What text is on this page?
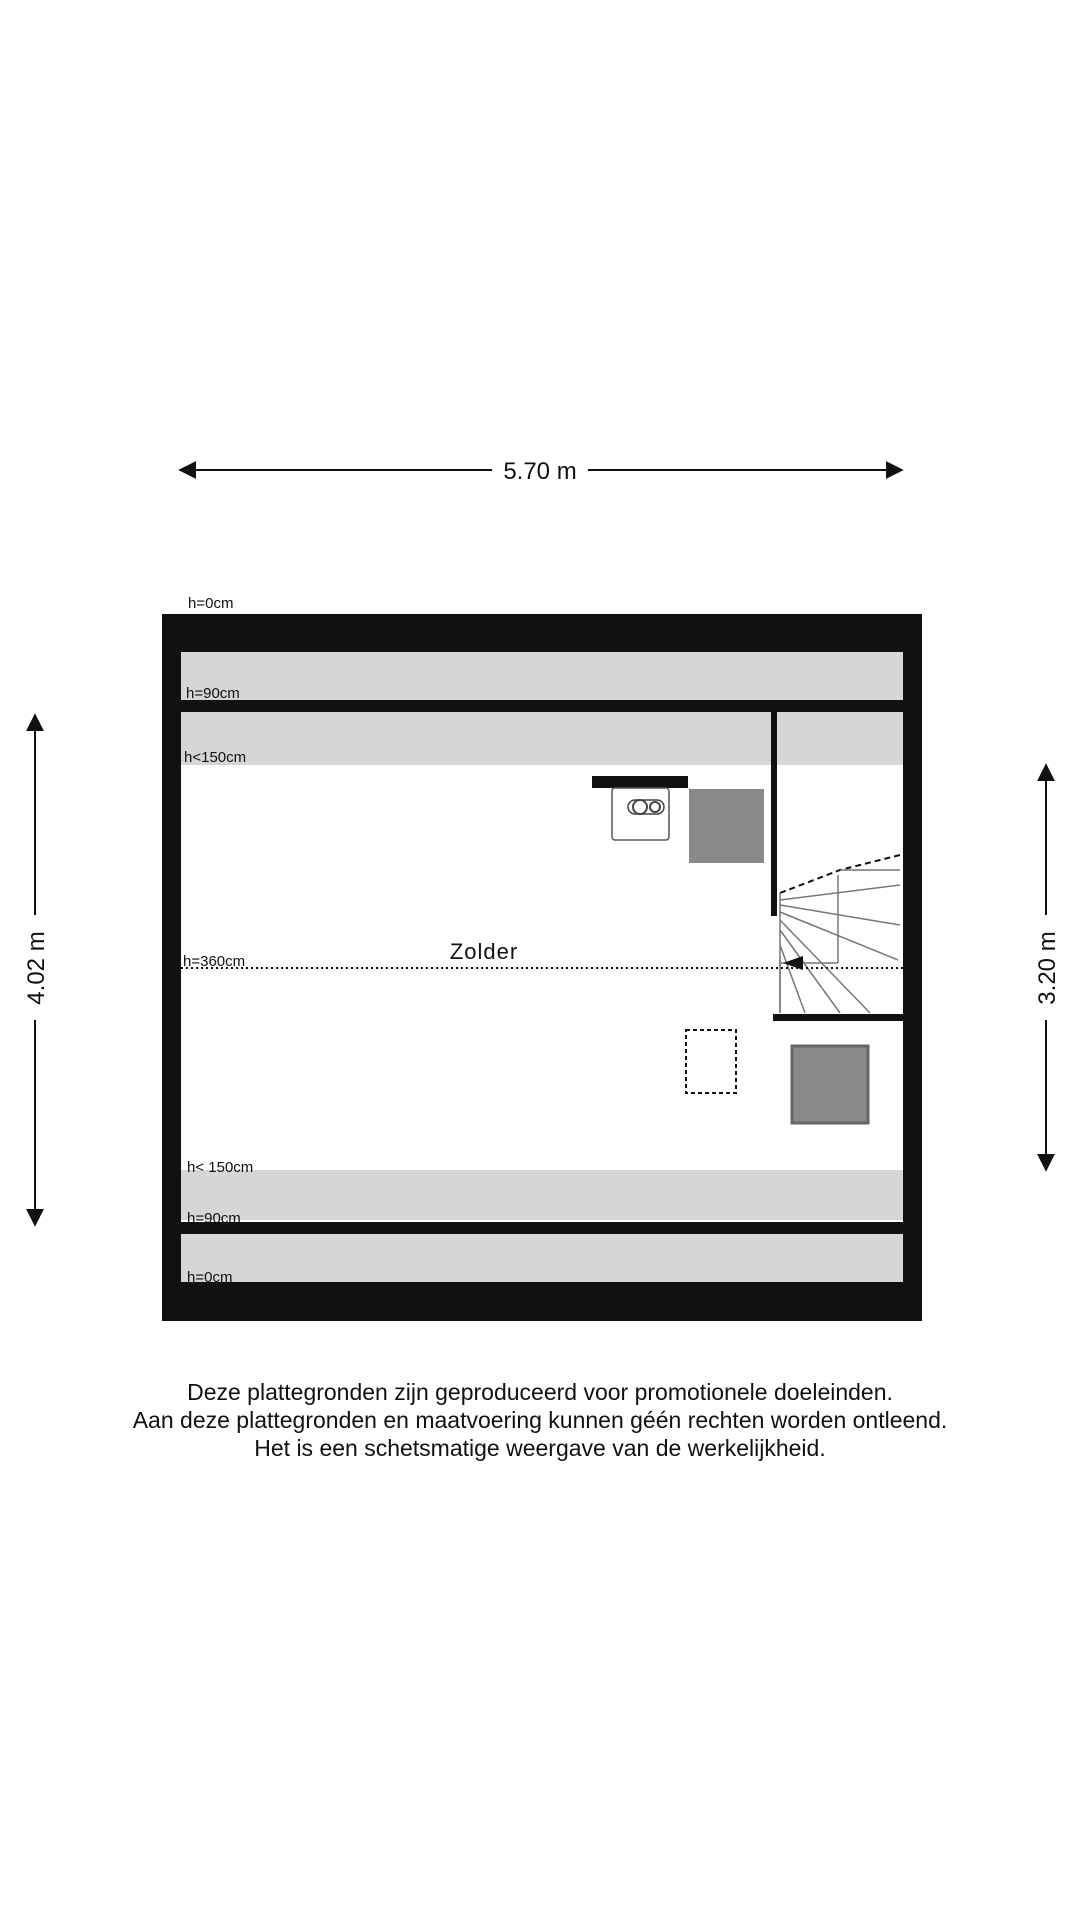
5.70 m
4.02 m	3.20 m
h=0cm
h=90cm
h<150cm
h=360cm
h< 150cm
h=90cm
h=0cm
Zolder
Deze plattegronden zijn geproduceerd voor promotionele doeleinden.
Aan deze plattegronden en maatvoering kunnen géén rechten worden ontleend.
Het is een schetsmatige weergave van de werkelijkheid.
